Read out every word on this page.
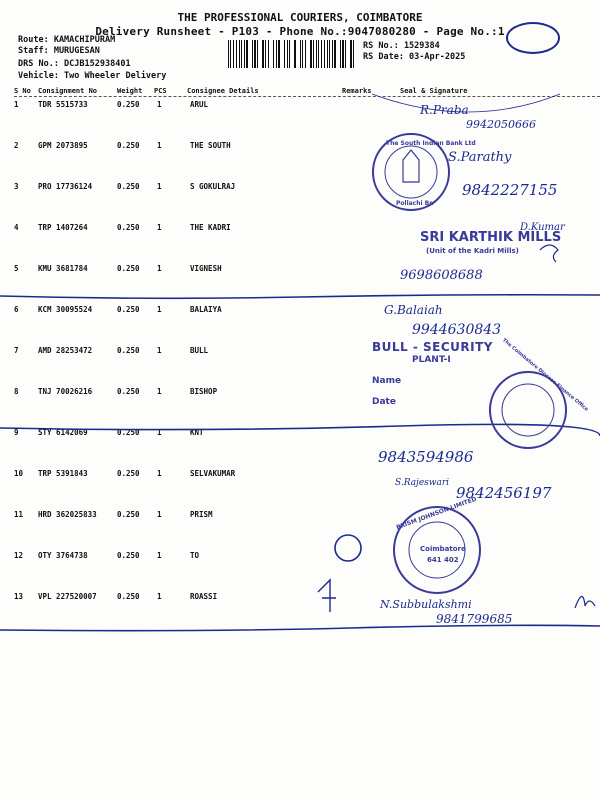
THE PROFESSIONAL COURIERS, COIMBATORE
Delivery Runsheet - P103 - Phone No.:9047080280 - Page No.:1
Route: KAMACHIPURAM
Staff: MURUGESAN
DRS No.: DCJB152938401
Vehicle: Two Wheeler Delivery
RS No.: 1529384
RS Date: 03-Apr-2025
S No Consignment No	Weight PCS	Consignee Details	Remarks	Seal & Signature
1	TDR 5515733	0.250 1	ARUL
2	GPM 2073895	0.250 1	THE SOUTH
3	PRO 17736124	0.250 1	S GOKULRAJ
4	TRP 1407264	0.250 1	THE KADRI
5	KMU 3681784	0.250 1	VIGNESH
6	KCM 30095524	0.250 1	BALAIYA
7	AMD 28253472	0.250 1	BULL
8	TNJ 70026216	0.250 1	BISHOP
9	STY 6142069	0.250 1	KNT
10 TRP 5391843	0.250 1	SELVAKUMAR
11 HRD 362025833	0.250 1	PRISM
12 OTY 3764738	0.250 1	TO
13 VPL 227520007	0.250 1	ROASSI
The South Indian Bank Ltd
Pollachi Br.
SRI KARTHIK MILLS
(Unit of the Kadri Mills)
BULL - SECURITY
PLANT-I
Name
Date	The Coimbatore Diocese Finance Office
PRISM JOHNSON LIMITED
Coimbatore
641 402
R.Praba
9942050666
S.Parathy
9842227155
D.Kumar
9698608688
G.Balaiah
9944630843
9843594986
S.Rajeswari
9842456197
N.Subbulakshmi
9841799685
